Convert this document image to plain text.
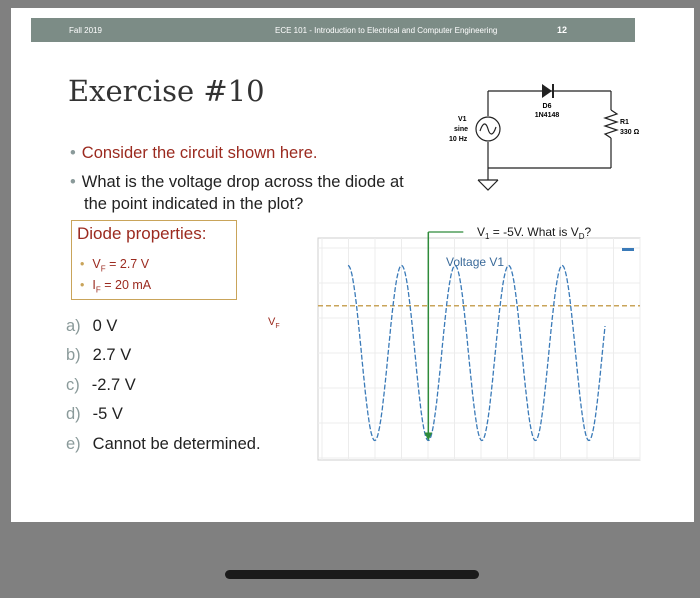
Fall 2019	ECE 101 - Introduction to Electrical and Computer Engineering	12
Exercise #10
• Consider the circuit shown here.
• What is the voltage drop across the diode at
the point indicated in the plot?
Diode properties:
• $V_F = 2.7$ V
• $I_F = 20$ mA
a) 0 V
b) 2.7 V
c) -2.7 V
d) -5 V
e) Cannot be determined.
D6
1N4148
R1
330 Ω
V1
sine
10 Hz
$V_F$
Voltage V1
$V_1 = -5V$. What is $V_D$?
